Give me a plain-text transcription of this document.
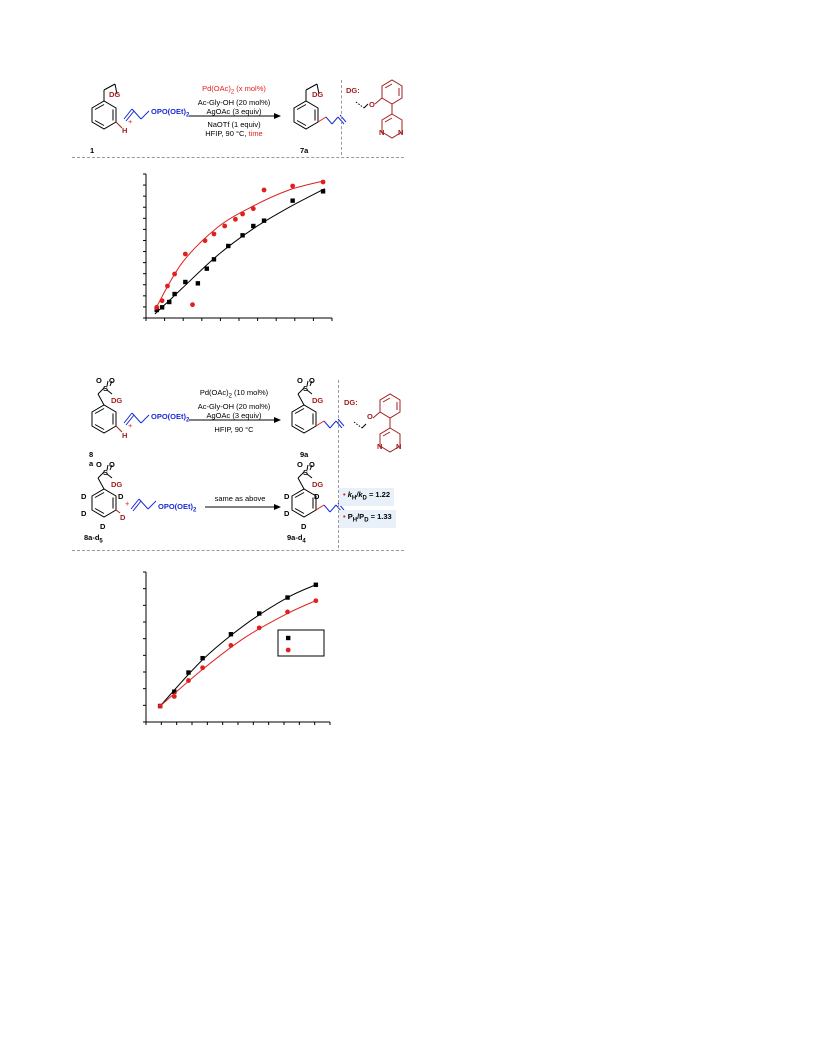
DG
H
1
+
$OPO(OEt)_2$
$Pd(OAc)_2$ (x mol%)
Ac-Gly-OH (20 mol%)
AgOAc (3 equiv)
NaOTf (1 equiv)
HFIP, 90 °C, time
DG
7a
DG:
O
N N
S
O O
DG
H
8
a
+
$OPO(OEt)_2$
$Pd(OAc)_2$ (10 mol%)
Ac-Gly-OH (20 mol%)
AgOAc (3 equiv)
HFIP, 90 °C
S
O O
DG
9a
S
O O
DG
D	D
D	D
D
$8a-d_5$
+	$OPO(OEt)_2$
same as above
S
O O
DG
D	D
D
D
$9a-d_4$
DG:
O
N N
• $k_H/k_D = 1.22$
• $P_H/P_D = 1.33$
